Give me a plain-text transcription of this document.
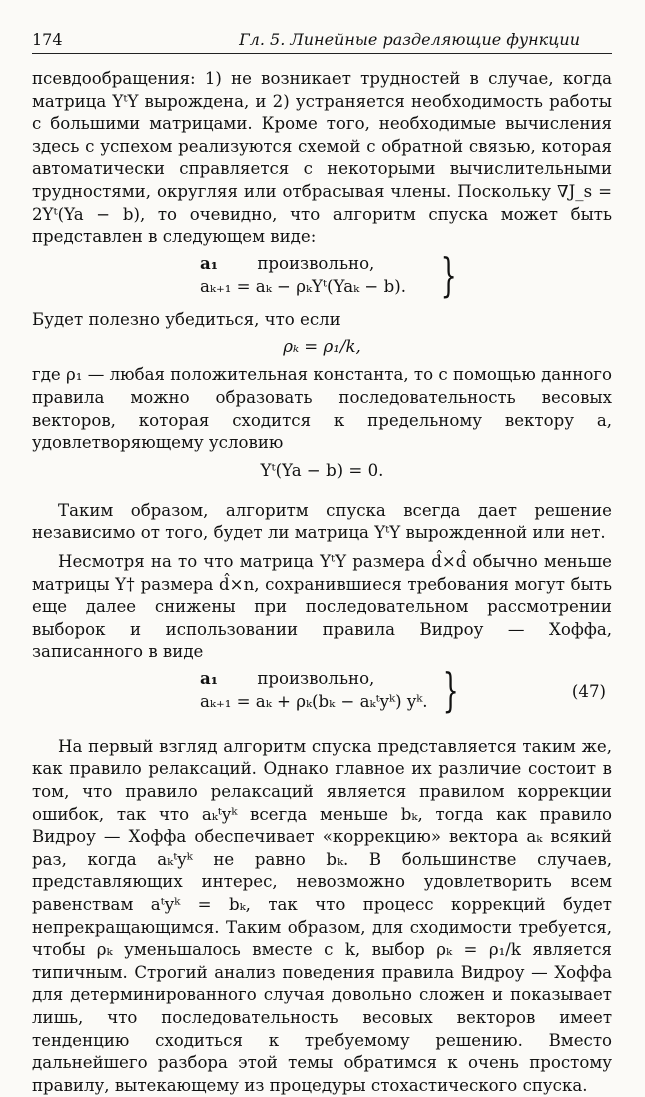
174	Гл. 5. Линейные разделяющие функции

псевдообращения: 1) не возникает трудностей в случае, когда матрица YᵗY вырождена, и 2) устраняется необходимость работы с большими матрицами. Кроме того, необходимые вычисления здесь с успехом реализуются схемой с обратной связью, которая автоматически справляется с некоторыми вычислительными трудностями, округляя или отбрасывая члены. Поскольку ∇J_s = 2Yᵗ(Ya − b), то очевидно, что алгоритм спуска может быть представлен в следующем виде:

a₁ произвольно,
aₖ₊₁ = aₖ − ρₖYᵗ(Yaₖ − b). }

Будет полезно убедиться, что если

ρₖ = ρ₁/k,

где ρ₁ — любая положительная константа, то с помощью данного правила можно образовать последовательность весовых векторов, которая сходится к предельному вектору a, удовлетворяющему условию

Yᵗ(Ya − b) = 0.

Таким образом, алгоритм спуска всегда дает решение независимо от того, будет ли матрица YᵗY вырожденной или нет.

Несмотря на то что матрица YᵗY размера d̂×d̂ обычно меньше матрицы Y† размера d̂×n, сохранившиеся требования могут быть еще далее снижены при последовательном рассмотрении выборок и использовании правила Видроу — Хоффа, записанного в виде

a₁ произвольно,
aₖ₊₁ = aₖ + ρₖ(bₖ − aₖᵗyᵏ) yᵏ. }	(47)

На первый взгляд алгоритм спуска представляется таким же, как правило релаксаций. Однако главное их различие состоит в том, что правило релаксаций является правилом коррекции ошибок, так что aₖᵗyᵏ всегда меньше bₖ, тогда как правило Видроу — Хоффа обеспечивает «коррекцию» вектора aₖ всякий раз, когда aₖᵗyᵏ не равно bₖ. В большинстве случаев, представляющих интерес, невозможно удовлетворить всем равенствам aᵗyᵏ = bₖ, так что процесс коррекций будет непрекращающимся. Таким образом, для сходимости требуется, чтобы ρₖ уменьшалось вместе с k, выбор ρₖ = ρ₁/k является типичным. Строгий анализ поведения правила Видроу — Хоффа для детерминированного случая довольно сложен и показывает лишь, что последовательность весовых векторов имеет тенденцию сходиться к требуемому решению. Вместо дальнейшего разбора этой темы обратимся к очень простому правилу, вытекающему из процедуры стохастического спуска.
